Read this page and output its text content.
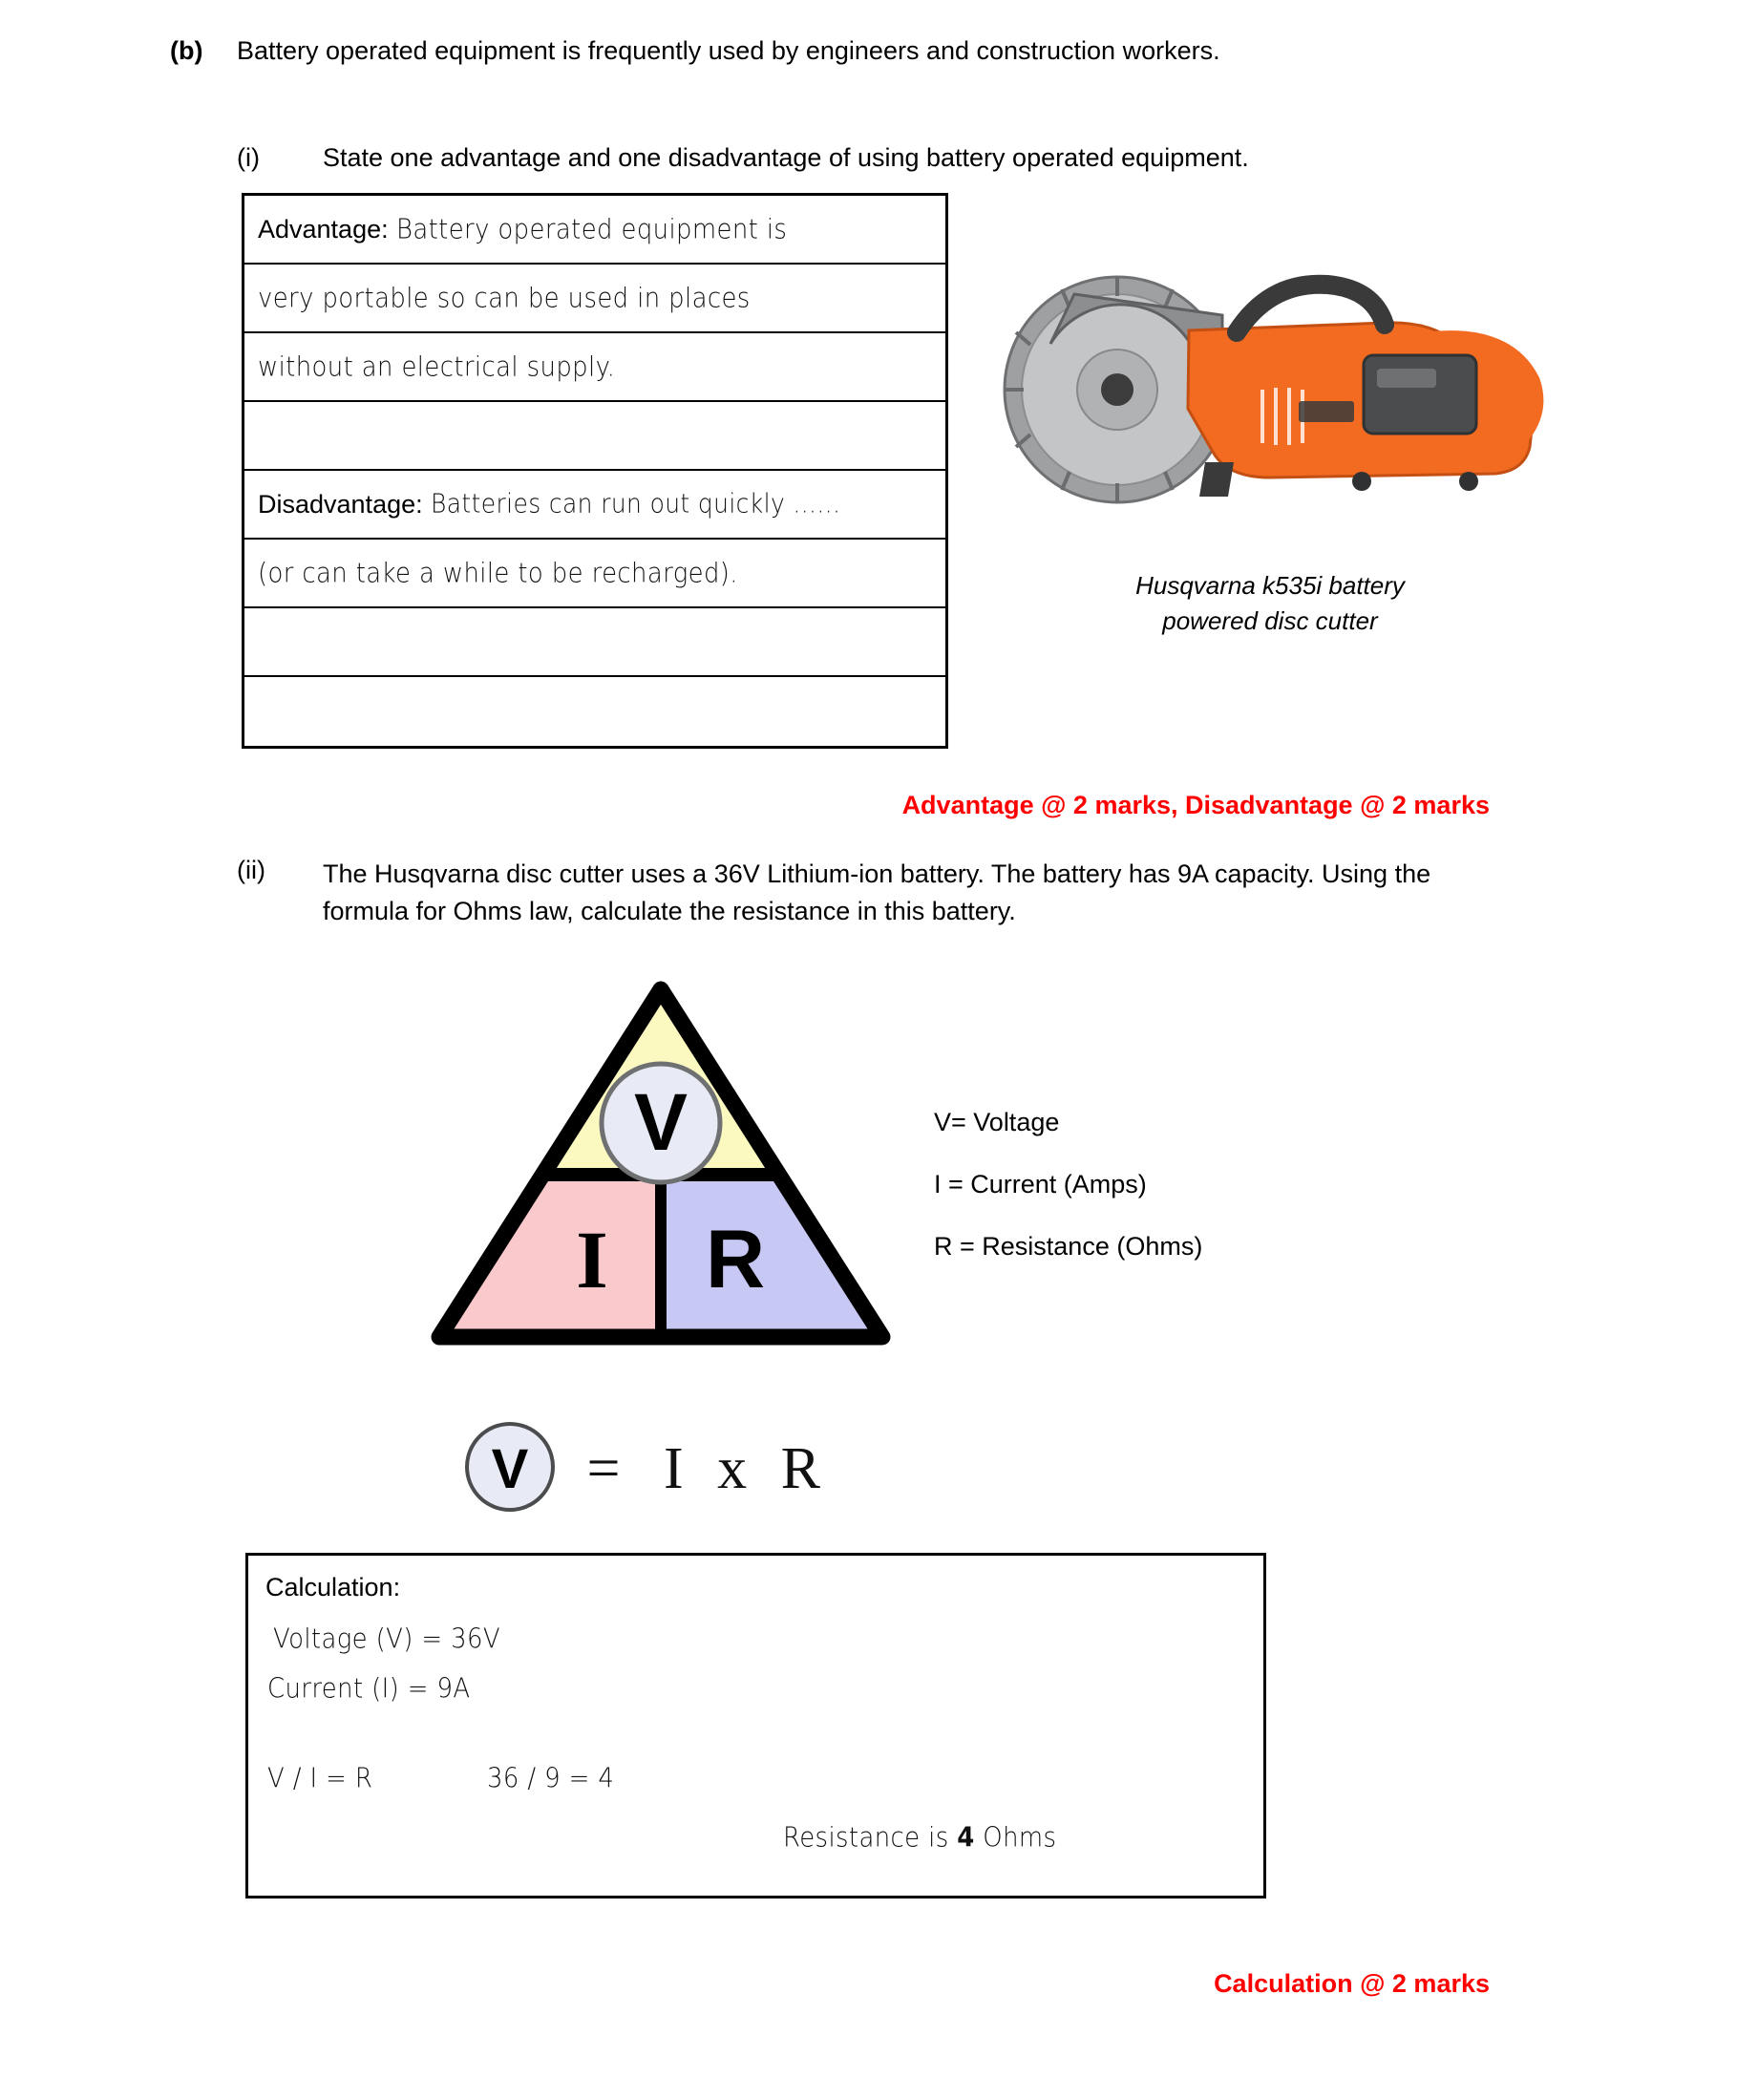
(b)	Battery operated equipment is frequently used by engineers and construction workers.
(i)	State one advantage and one disadvantage of using battery operated equipment.
Advantage: Battery operated equipment is
very portable so can be used in places
without an electrical supply.
Disadvantage: Batteries can run out quickly ......
(or can take a while to be recharged).	Husqvarna k535i battery
powered disc cutter
Advantage @ 2 marks, Disadvantage @ 2 marks
(ii)	The Husqvarna disc cutter uses a 36V Lithium-ion battery. The battery has 9A capacity. Using the formula for Ohms law, calculate the resistance in this battery.
V
I R
V= Voltage
I = Current (Amps)
R = Resistance (Ohms)
V = I x R
Calculation:
Voltage (V) = 36V
Current (I) = 9A
V / I = R	36 / 9 = 4
Resistance is 4 Ohms
Calculation @ 2 marks
